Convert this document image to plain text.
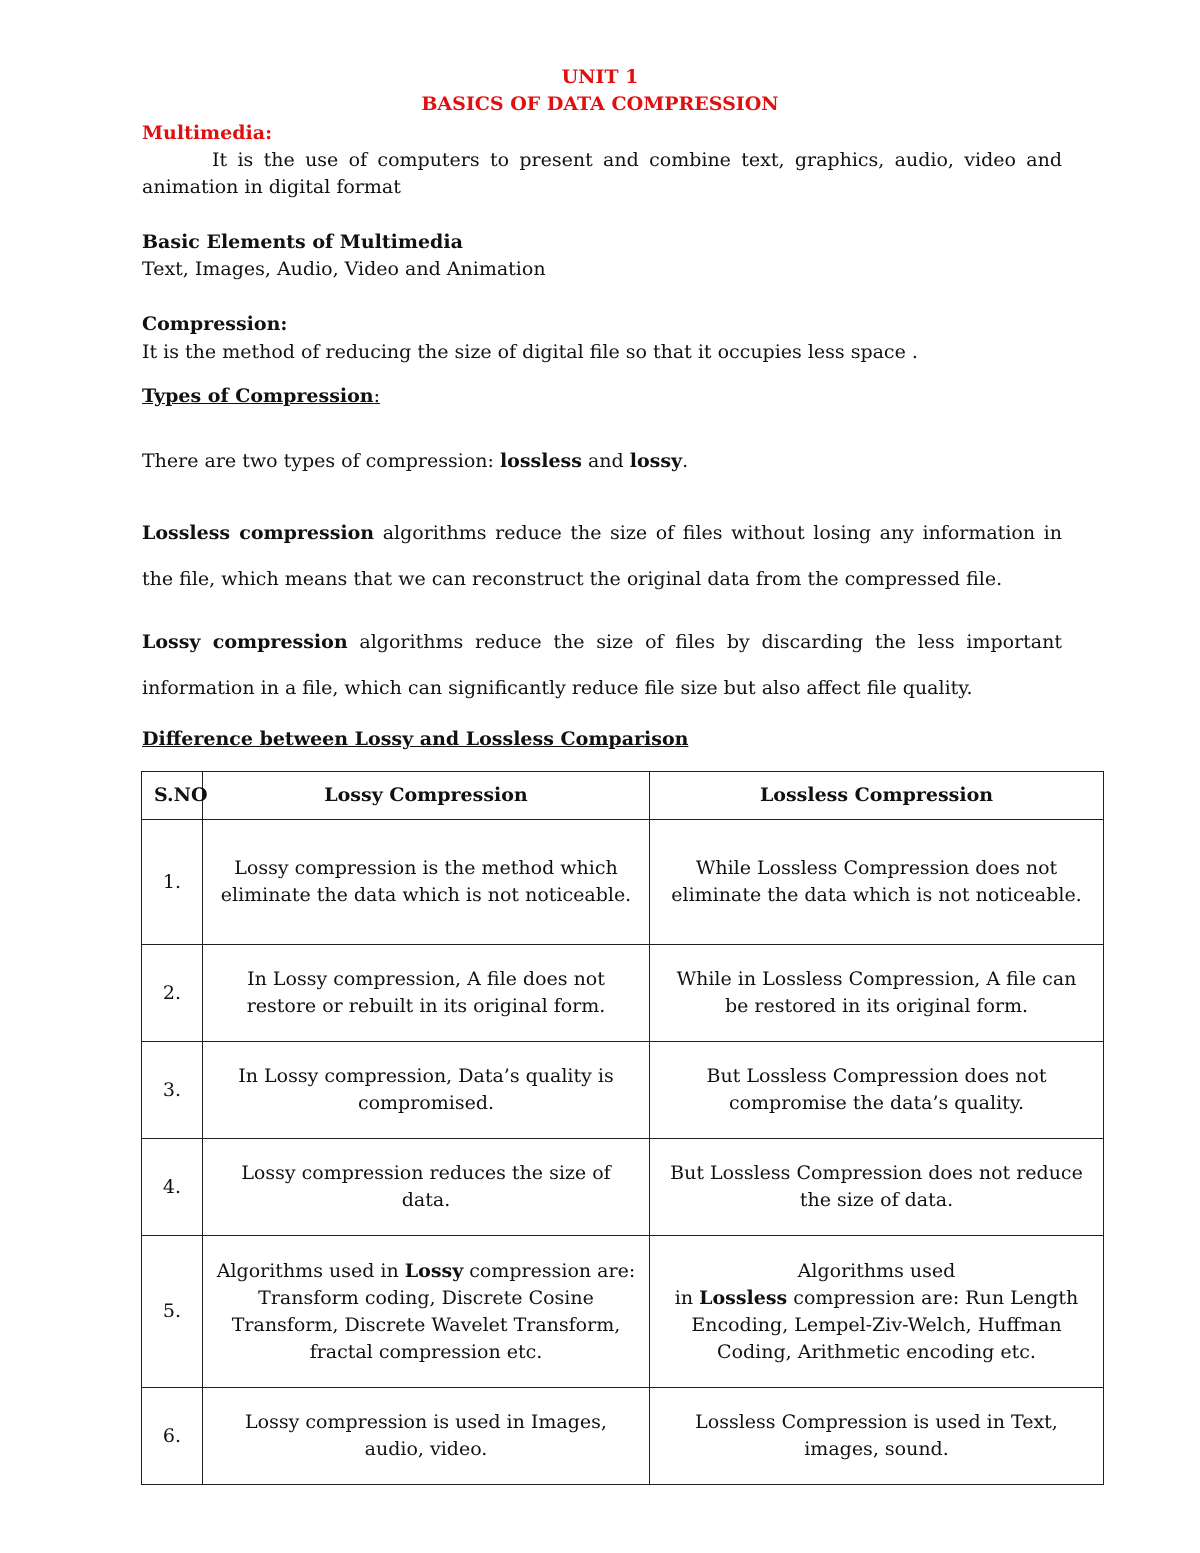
UNIT 1
BASICS OF DATA COMPRESSION
Multimedia:
It is the use of computers to present and combine text, graphics, audio, video and animation in digital format
Basic Elements of Multimedia
Text, Images, Audio, Video and Animation
Compression:
It is the method of reducing the size of digital file so that it occupies less space .
Types of Compression:
There are two types of compression: lossless and lossy.
Lossless compression algorithms reduce the size of files without losing any information in the file, which means that we can reconstruct the original data from the compressed file.
Lossy compression algorithms reduce the size of files by discarding the less important information in a file, which can significantly reduce file size but also affect file quality.
Difference between Lossy and Lossless Comparison
S.NO	Lossy Compression	Lossless Compression
1.	Lossy compression is the method which eliminate the data which is not noticeable.	While Lossless Compression does not eliminate the data which is not noticeable.
2.	In Lossy compression, A file does not restore or rebuilt in its original form.	While in Lossless Compression, A file can be restored in its original form.
3.	In Lossy compression, Data’s quality is compromised.	But Lossless Compression does not compromise the data’s quality.
4.	Lossy compression reduces the size of data.	But Lossless Compression does not reduce the size of data.
5.	Algorithms used in Lossy compression are: Transform coding, Discrete Cosine Transform, Discrete Wavelet Transform, fractal compression etc.	Algorithms used
in Lossless compression are: Run Length Encoding, Lempel-Ziv-Welch, Huffman Coding, Arithmetic encoding etc.
6.	Lossy compression is used in Images, audio, video.	Lossless Compression is used in Text, images, sound.
